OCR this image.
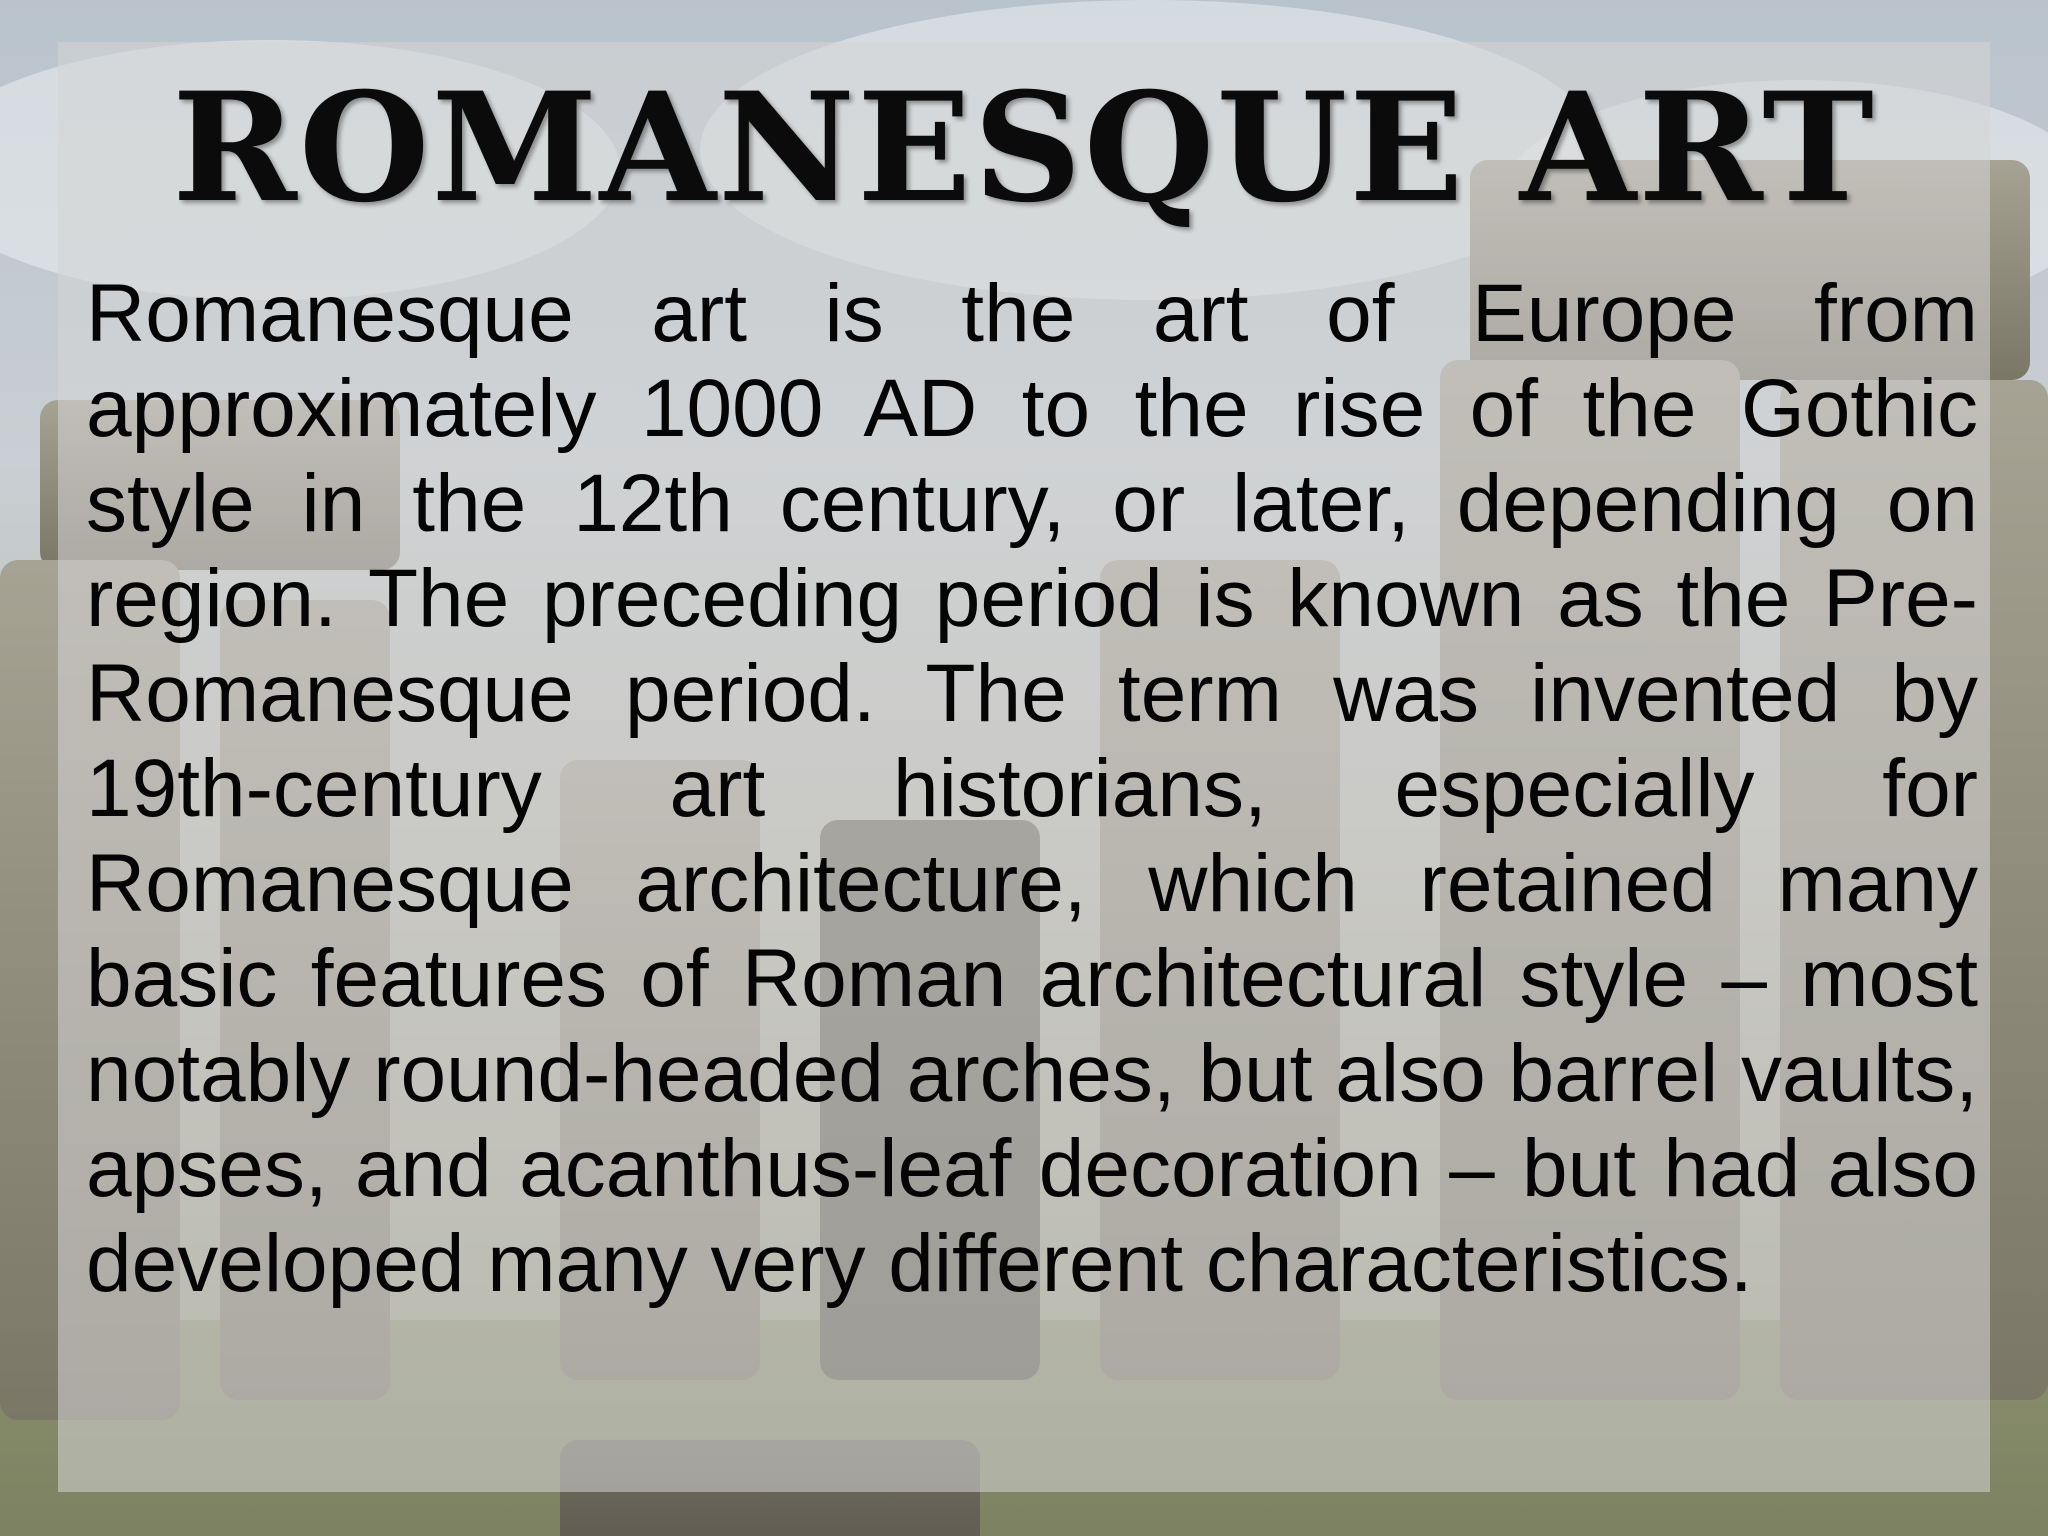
ROMANESQUE ART

Romanesque art is the art of Europe from approximately 1000 AD to the rise of the Gothic style in the 12th century, or later, depending on region. The preceding period is known as the Pre-Romanesque period. The term was invented by 19th-century art historians, especially for Romanesque architecture, which retained many basic features of Roman architectural style – most notably round-headed arches, but also barrel vaults, apses, and acanthus-leaf decoration – but had also developed many very different characteristics.
